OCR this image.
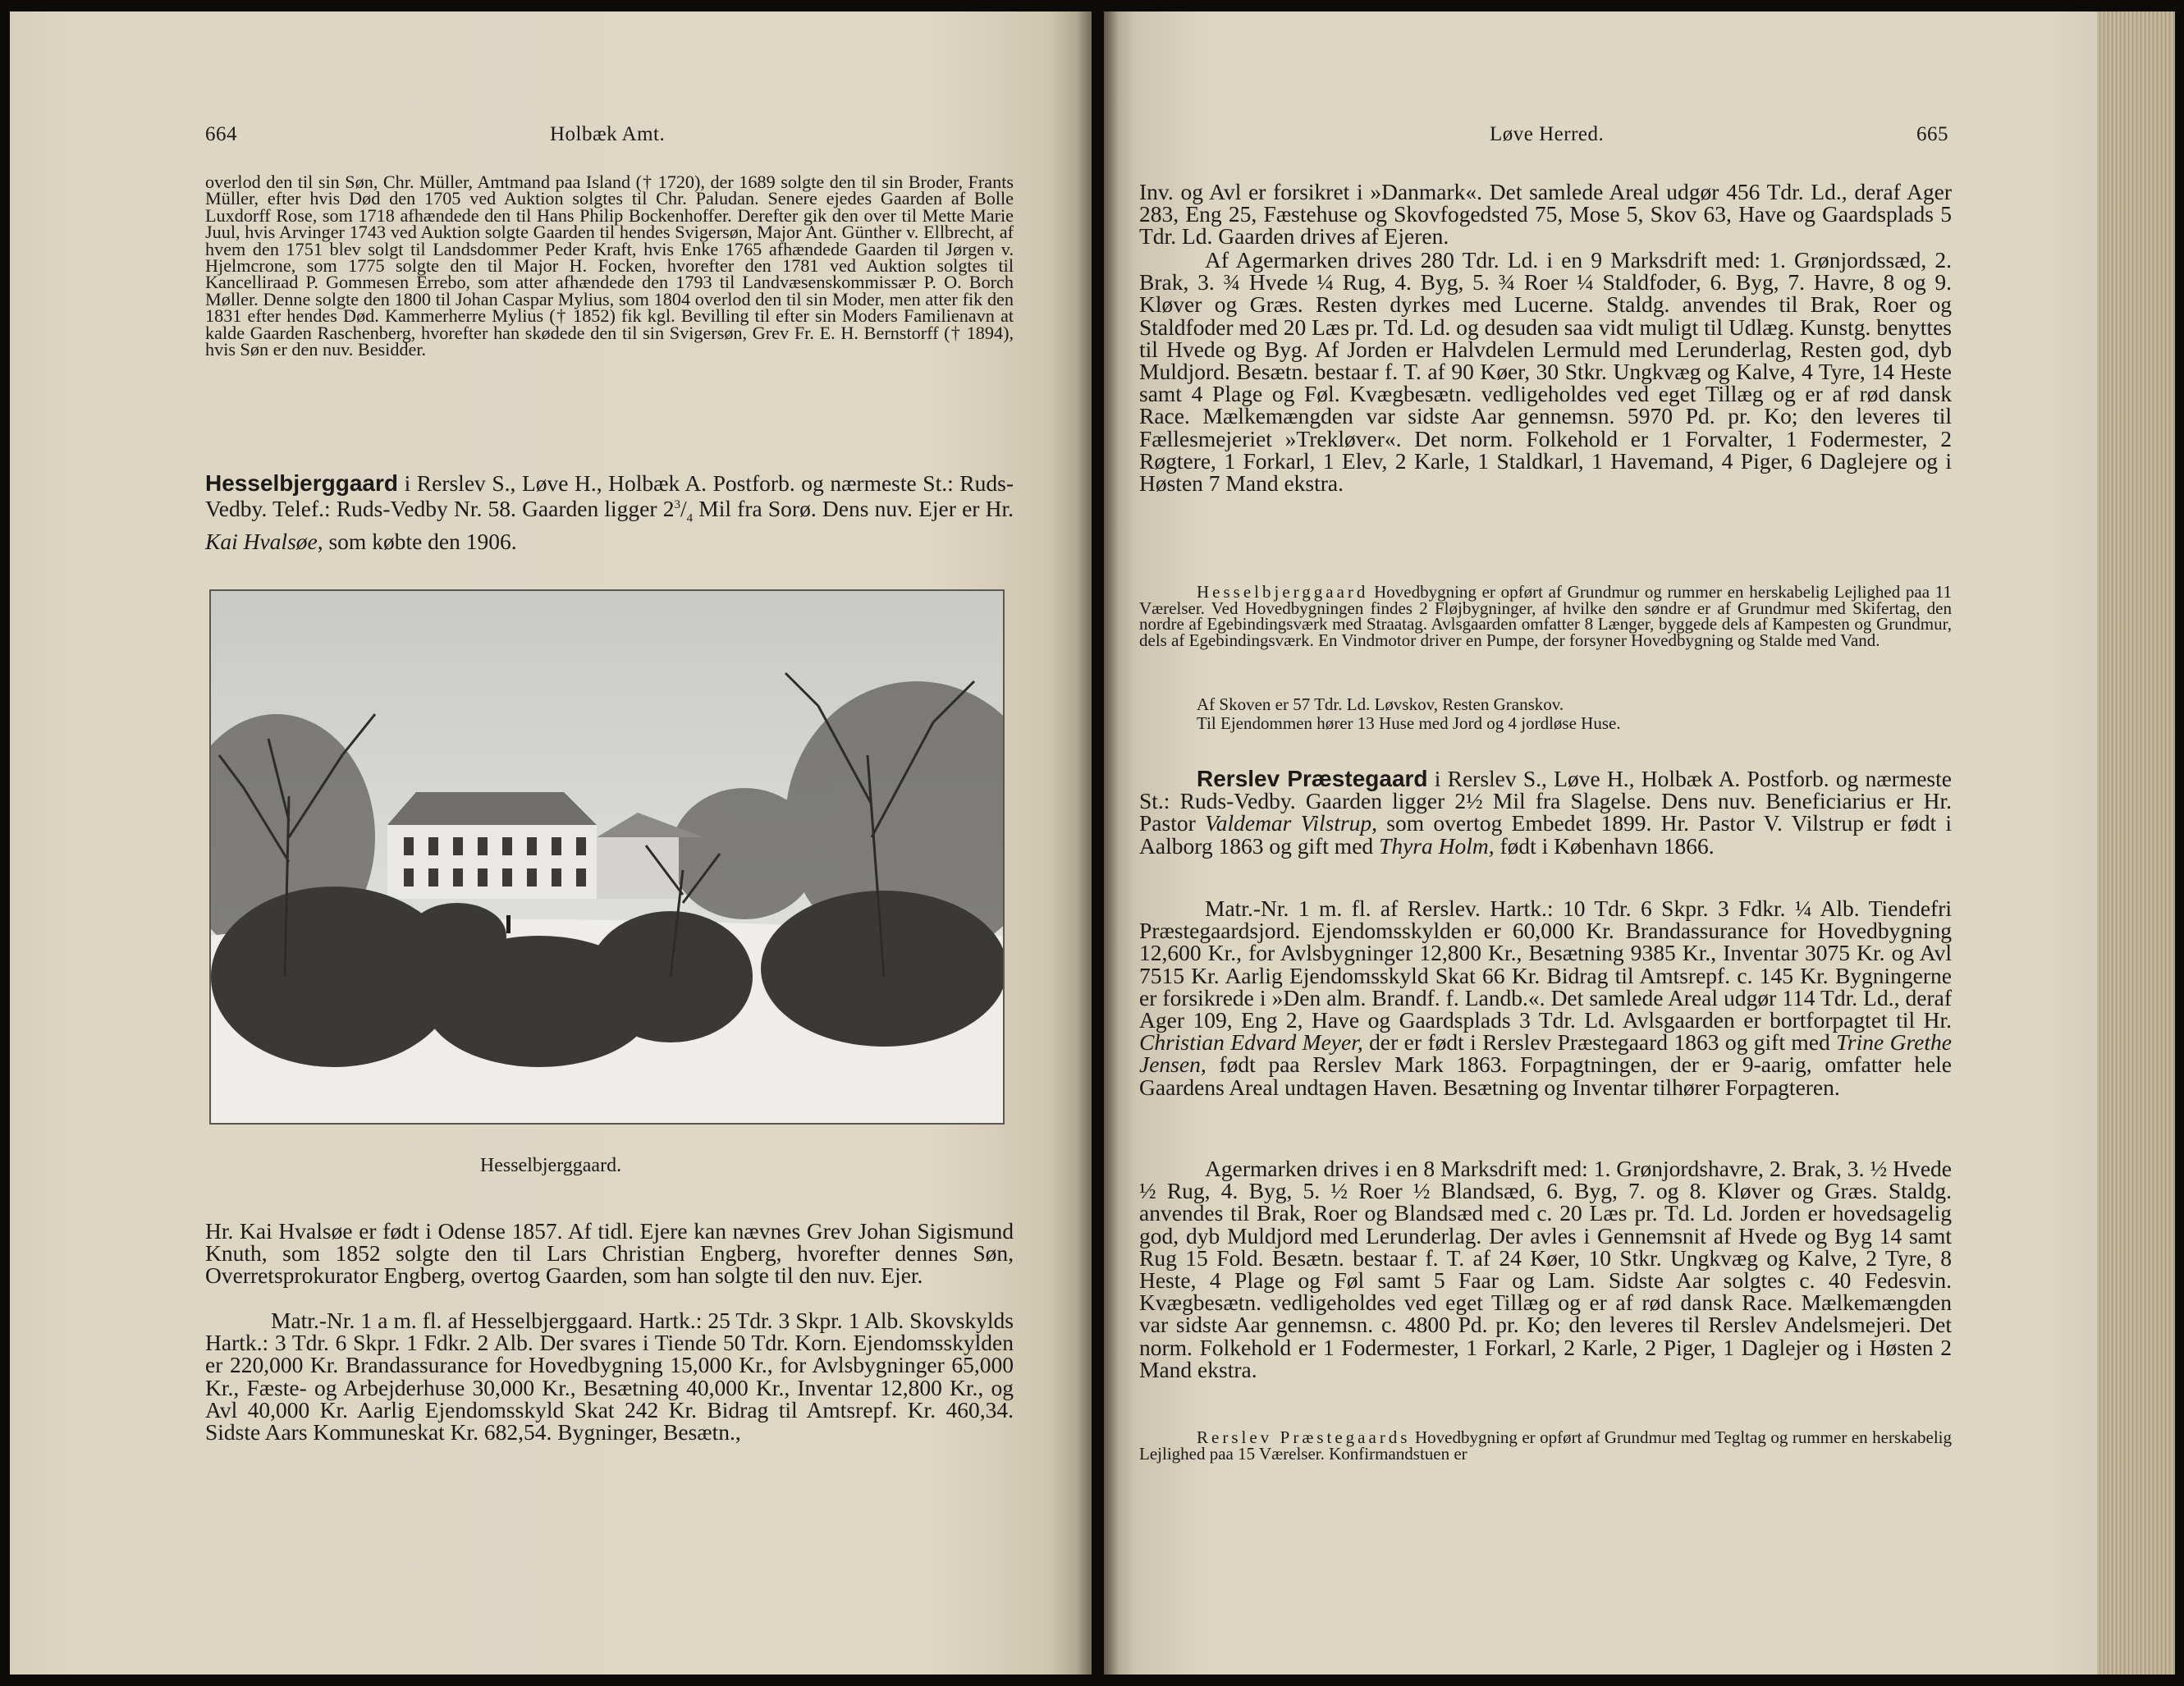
664	Holbæk Amt.

overlod den til sin Søn, Chr. Müller, Amtmand paa Island († 1720), der 1689 solgte den til sin Broder, Frants Müller, efter hvis Død den 1705 ved Auktion solgtes til Chr. Paludan. Senere ejedes Gaarden af Bolle Luxdorff Rose, som 1718 afhændede den til Hans Philip Bockenhoffer. Derefter gik den over til Mette Marie Juul, hvis Arvinger 1743 ved Auktion solgte Gaarden til hendes Svigersøn, Major Ant. Günther v. Ellbrecht, af hvem den 1751 blev solgt til Landsdommer Peder Kraft, hvis Enke 1765 afhændede Gaarden til Jørgen v. Hjelmcrone, som 1775 solgte den til Major H. Focken, hvorefter den 1781 ved Auktion solgtes til Kancelliraad P. Gommesen Errebo, som atter afhændede den 1793 til Landvæsenskommissær P. O. Borch Møller. Denne solgte den 1800 til Johan Caspar Mylius, som 1804 overlod den til sin Moder, men atter fik den 1831 efter hendes Død. Kammerherre Mylius († 1852) fik kgl. Bevilling til efter sin Moders Familienavn at kalde Gaarden Raschenberg, hvorefter han skødede den til sin Svigersøn, Grev Fr. E. H. Bernstorff († 1894), hvis Søn er den nuv. Besidder.

Hesselbjerggaard i Rerslev S., Løve H., Holbæk A. Postforb. og nærmeste St.: Ruds-Vedby. Telef.: Ruds-Vedby Nr. 58. Gaarden ligger $2^3/_4$ Mil fra Sorø. Dens nuv. Ejer er Hr. Kai Hvalsøe, som købte den 1906.

Hesselbjerggaard.

Hr. Kai Hvalsøe er født i Odense 1857. Af tidl. Ejere kan nævnes Grev Johan Sigismund Knuth, som 1852 solgte den til Lars Christian Engberg, hvorefter dennes Søn, Overretsprokurator Engberg, overtog Gaarden, som han solgte til den nuv. Ejer.

Matr.-Nr. 1 a m. fl. af Hesselbjerggaard. Hartk.: 25 Tdr. 3 Skpr. 1 Alb. Skovskylds Hartk.: 3 Tdr. 6 Skpr. 1 Fdkr. 2 Alb. Der svares i Tiende 50 Tdr. Korn. Ejendomsskylden er 220,000 Kr. Brandassurance for Hovedbygning 15,000 Kr., for Avlsbygninger 65,000 Kr., Fæste- og Arbejderhuse 30,000 Kr., Besætning 40,000 Kr., Inventar 12,800 Kr., og Avl 40,000 Kr. Aarlig Ejendomsskyld Skat 242 Kr. Bidrag til Amtsrepf. Kr. 460,34. Sidste Aars Kommuneskat Kr. 682,54. Bygninger, Besætn.,

Løve Herred.	665

Inv. og Avl er forsikret i »Danmark«. Det samlede Areal udgør 456 Tdr. Ld., deraf Ager 283, Eng 25, Fæstehuse og Skovfogedsted 75, Mose 5, Skov 63, Have og Gaardsplads 5 Tdr. Ld. Gaarden drives af Ejeren.

Af Agermarken drives 280 Tdr. Ld. i en 9 Marksdrift med: 1. Grønjordssæd, 2. Brak, 3. ¾ Hvede ¼ Rug, 4. Byg, 5. ¾ Roer ¼ Staldfoder, 6. Byg, 7. Havre, 8 og 9. Kløver og Græs. Resten dyrkes med Lucerne. Staldg. anvendes til Brak, Roer og Staldfoder med 20 Læs pr. Td. Ld. og desuden saa vidt muligt til Udlæg. Kunstg. benyttes til Hvede og Byg. Af Jorden er Halvdelen Lermuld med Lerunderlag, Resten god, dyb Muldjord. Besætn. bestaar f. T. af 90 Køer, 30 Stkr. Ungkvæg og Kalve, 4 Tyre, 14 Heste samt 4 Plage og Føl. Kvægbesætn. vedligeholdes ved eget Tillæg og er af rød dansk Race. Mælkemængden var sidste Aar gennemsn. 5970 Pd. pr. Ko; den leveres til Fællesmejeriet »Trekløver«. Det norm. Folkehold er 1 Forvalter, 1 Fodermester, 2 Røgtere, 1 Forkarl, 1 Elev, 2 Karle, 1 Staldkarl, 1 Havemand, 4 Piger, 6 Daglejere og i Høsten 7 Mand ekstra.

Hesselbjerggaard Hovedbygning er opført af Grundmur og rummer en herskabelig Lejlighed paa 11 Værelser. Ved Hovedbygningen findes 2 Fløjbygninger, af hvilke den søndre er af Grundmur med Skifertag, den nordre af Egebindingsværk med Straatag. Avlsgaarden omfatter 8 Længer, byggede dels af Kampesten og Grundmur, dels af Egebindingsværk. En Vindmotor driver en Pumpe, der forsyner Hovedbygning og Stalde med Vand.

Af Skoven er 57 Tdr. Ld. Løvskov, Resten Granskov.

Til Ejendommen hører 13 Huse med Jord og 4 jordløse Huse.

Rerslev Præstegaard i Rerslev S., Løve H., Holbæk A. Postforb. og nærmeste St.: Ruds-Vedby. Gaarden ligger 2½ Mil fra Slagelse. Dens nuv. Beneficiarius er Hr. Pastor Valdemar Vilstrup, som overtog Embedet 1899. Hr. Pastor V. Vilstrup er født i Aalborg 1863 og gift med Thyra Holm, født i København 1866.

Matr.-Nr. 1 m. fl. af Rerslev. Hartk.: 10 Tdr. 6 Skpr. 3 Fdkr. ¼ Alb. Tiendefri Præstegaardsjord. Ejendomsskylden er 60,000 Kr. Brandassurance for Hovedbygning 12,600 Kr., for Avlsbygninger 12,800 Kr., Besætning 9385 Kr., Inventar 3075 Kr. og Avl 7515 Kr. Aarlig Ejendomsskyld Skat 66 Kr. Bidrag til Amtsrepf. c. 145 Kr. Bygningerne er forsikrede i »Den alm. Brandf. f. Landb.«. Det samlede Areal udgør 114 Tdr. Ld., deraf Ager 109, Eng 2, Have og Gaardsplads 3 Tdr. Ld. Avlsgaarden er bortforpagtet til Hr. Christian Edvard Meyer, der er født i Rerslev Præstegaard 1863 og gift med Trine Grethe Jensen, født paa Rerslev Mark 1863. Forpagtningen, der er 9-aarig, omfatter hele Gaardens Areal undtagen Haven. Besætning og Inventar tilhører Forpagteren.

Agermarken drives i en 8 Marksdrift med: 1. Grønjordshavre, 2. Brak, 3. ½ Hvede ½ Rug, 4. Byg, 5. ½ Roer ½ Blandsæd, 6. Byg, 7. og 8. Kløver og Græs. Staldg. anvendes til Brak, Roer og Blandsæd med c. 20 Læs pr. Td. Ld. Jorden er hovedsagelig god, dyb Muldjord med Lerunderlag. Der avles i Gennemsnit af Hvede og Byg 14 samt Rug 15 Fold. Besætn. bestaar f. T. af 24 Køer, 10 Stkr. Ungkvæg og Kalve, 2 Tyre, 8 Heste, 4 Plage og Føl samt 5 Faar og Lam. Sidste Aar solgtes c. 40 Fedesvin. Kvægbesætn. vedligeholdes ved eget Tillæg og er af rød dansk Race. Mælkemængden var sidste Aar gennemsn. c. 4800 Pd. pr. Ko; den leveres til Rerslev Andelsmejeri. Det norm. Folkehold er 1 Fodermester, 1 Forkarl, 2 Karle, 2 Piger, 1 Daglejer og i Høsten 2 Mand ekstra.

Rerslev Præstegaards Hovedbygning er opført af Grundmur med Tegltag og rummer en herskabelig Lejlighed paa 15 Værelser. Konfirmandstuen er
